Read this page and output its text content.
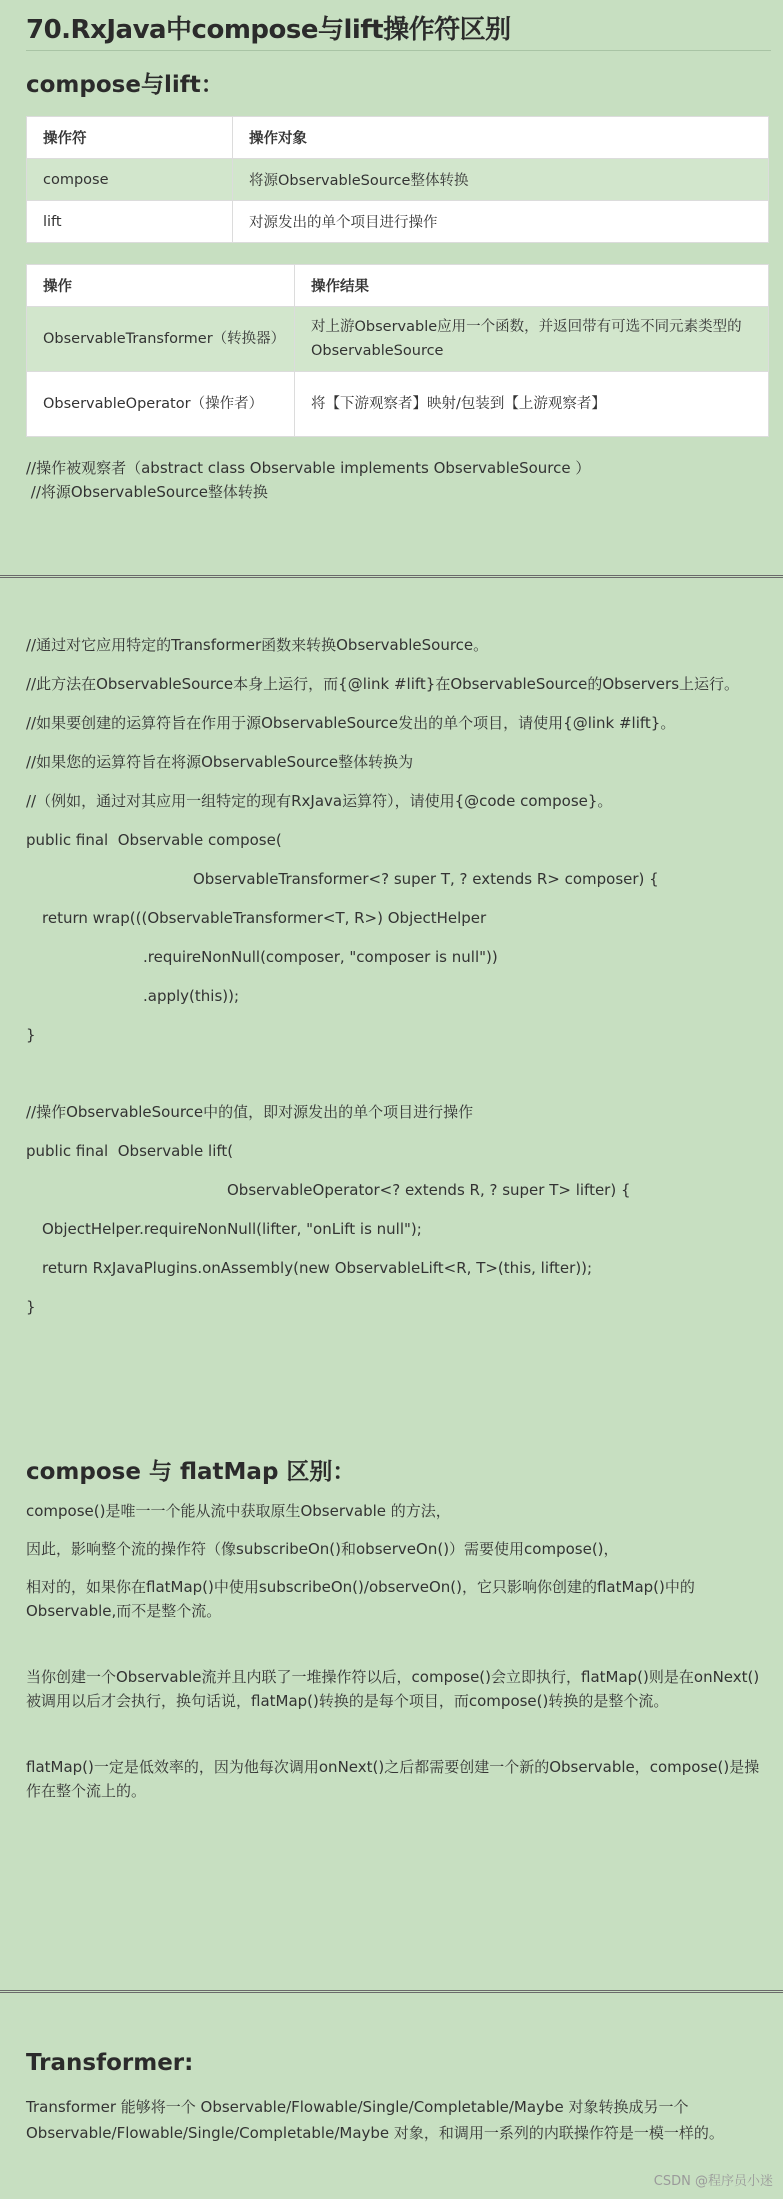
70.RxJava中compose与lift操作符区别
compose与lift：
操作符	操作对象
compose	将源ObservableSource整体转换
lift	对源发出的单个项目进行操作
操作	操作结果
ObservableTransformer（转换器）	对上游Observable应用一个函数，并返回带有可选不同元素类型的ObservableSource
ObservableOperator（操作者）	将【下游观察者】映射/包装到【上游观察者】

//操作被观察者（abstract class Observable implements ObservableSource ）

//将源ObservableSource整体转换

//通过对它应用特定的Transformer函数来转换ObservableSource。
//此方法在ObservableSource本身上运行，而{@link #lift}在ObservableSource的Observers上运行。
//如果要创建的运算符旨在作用于源ObservableSource发出的单个项目，请使用{@link #lift}。
//如果您的运算符旨在将源ObservableSource整体转换为
//（例如，通过对其应用一组特定的现有RxJava运算符），请使用{@code compose}。
public final  Observable compose(
ObservableTransformer<? super T, ? extends R> composer) {
return wrap(((ObservableTransformer<T, R>) ObjectHelper
.requireNonNull(composer, "composer is null"))
.apply(this));
}
//操作ObservableSource中的值，即对源发出的单个项目进行操作
public final  Observable lift(
ObservableOperator<? extends R, ? super T> lifter) {
ObjectHelper.requireNonNull(lifter, "onLift is null");
return RxJavaPlugins.onAssembly(new ObservableLift<R, T>(this, lifter));
}
compose 与 flatMap 区别：

compose()是唯一一个能从流中获取原生Observable 的方法，

因此，影响整个流的操作符（像subscribeOn()和observeOn()）需要使用compose()，

相对的，如果你在flatMap()中使用subscribeOn()/observeOn()，它只影响你创建的flatMap()中的Observable,而不是整个流。

当你创建一个Observable流并且内联了一堆操作符以后，compose()会立即执行，flatMap()则是在onNext()被调用以后才会执行，换句话说，flatMap()转换的是每个项目，而compose()转换的是整个流。

flatMap()一定是低效率的，因为他每次调用onNext()之后都需要创建一个新的Observable，compose()是操作在整个流上的。

Transformer:

Transformer 能够将一个 Observable/Flowable/Single/Completable/Maybe 对象转换成另一个 Observable/Flowable/Single/Completable/Maybe 对象，和调用一系列的内联操作符是一模一样的。

CSDN @程序员小迷
